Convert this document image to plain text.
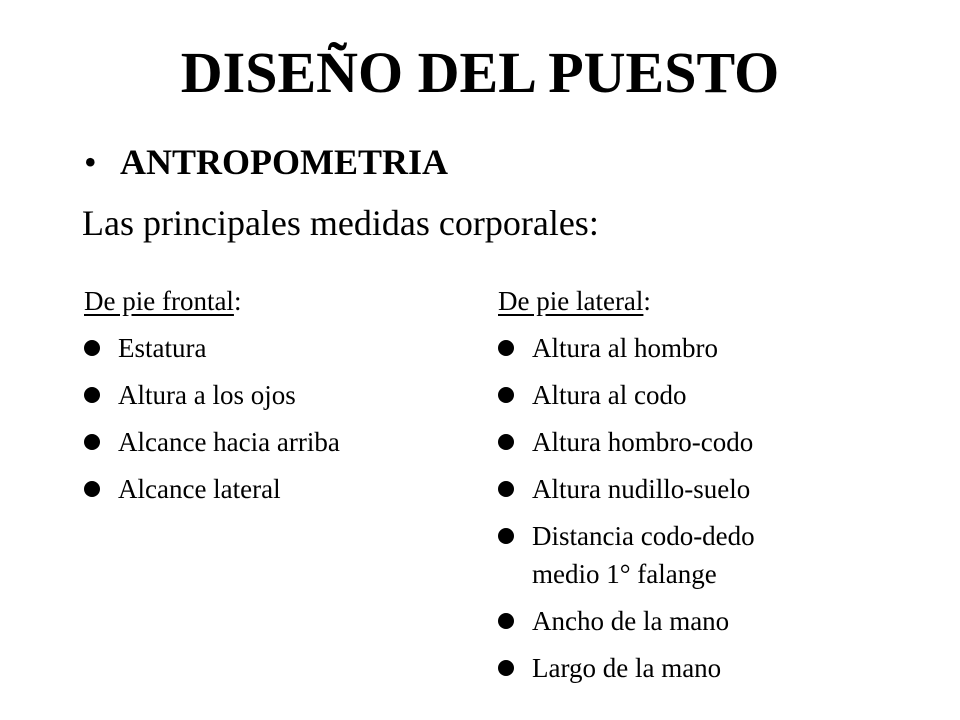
DISEÑO DEL PUESTO
• ANTROPOMETRIA
Las principales medidas corporales:
De pie frontal:
Estatura
Altura a los ojos
Alcance hacia arriba
Alcance lateral
De pie lateral:
Altura al hombro
Altura al codo
Altura hombro-codo
Altura nudillo-suelo
Distancia codo-dedo
medio 1° falange
Ancho de la mano
Largo de la mano
